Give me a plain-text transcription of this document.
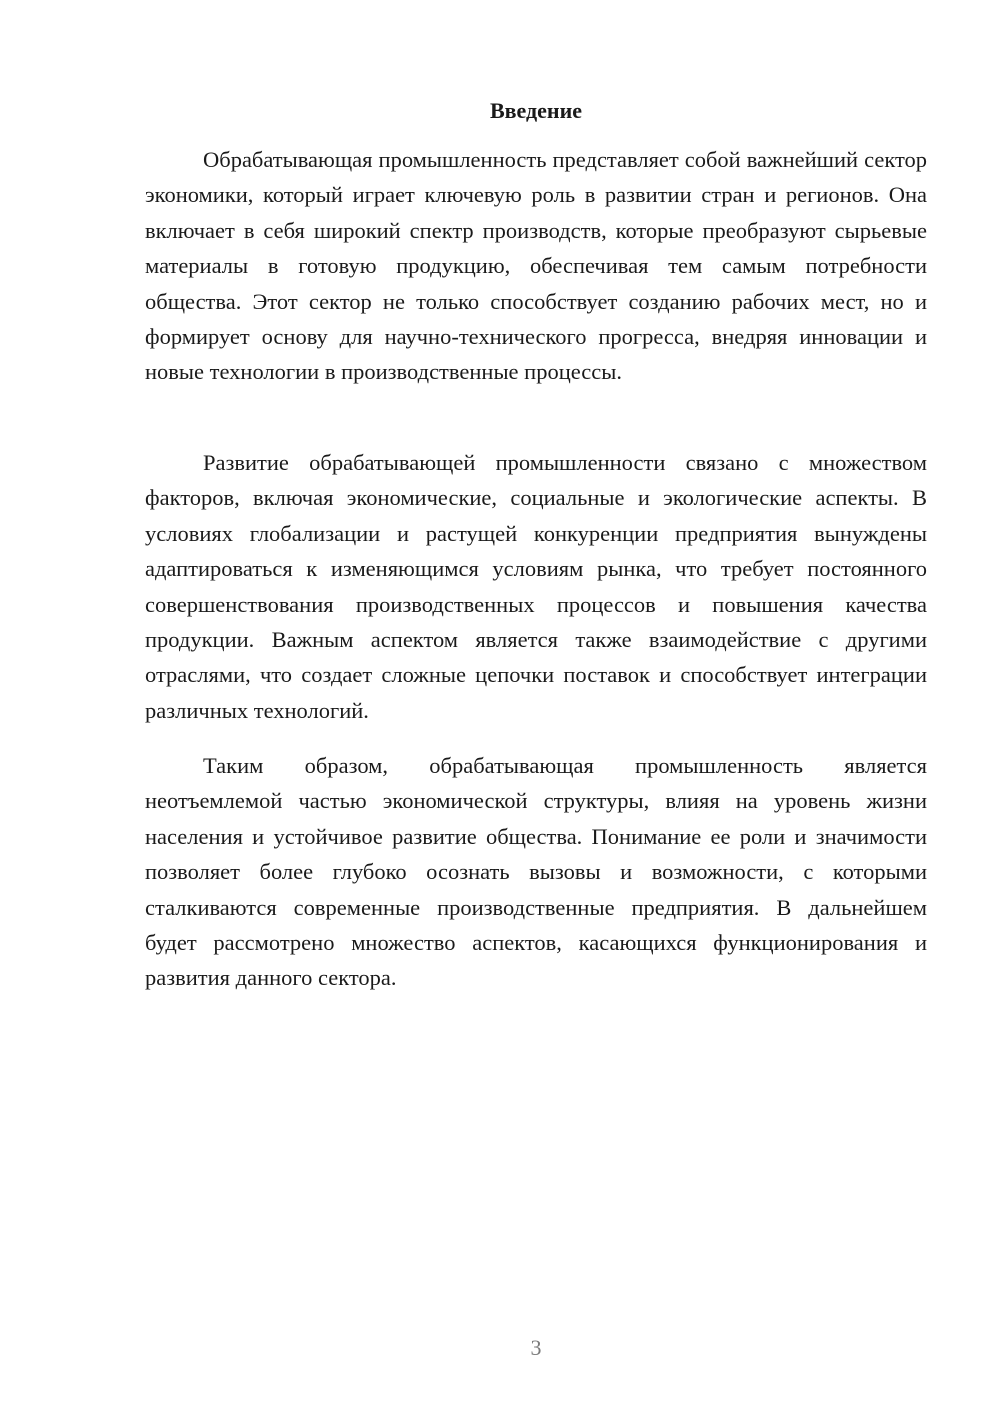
Введение

Обрабатывающая промышленность представляет собой важнейший сектор экономики, который играет ключевую роль в развитии стран и регионов. Она включает в себя широкий спектр производств, которые преобразуют сырьевые материалы в готовую продукцию, обеспечивая тем самым потребности общества. Этот сектор не только способствует созданию рабочих мест, но и формирует основу для научно-технического прогресса, внедряя инновации и новые технологии в производственные процессы.

Развитие обрабатывающей промышленности связано с множеством факторов, включая экономические, социальные и экологические аспекты. В условиях глобализации и растущей конкуренции предприятия вынуждены адаптироваться к изменяющимся условиям рынка, что требует постоянного совершенствования производственных процессов и повышения качества продукции. Важным аспектом является также взаимодействие с другими отраслями, что создает сложные цепочки поставок и способствует интеграции различных технологий.

Таким образом, обрабатывающая промышленность является неотъемлемой частью экономической структуры, влияя на уровень жизни населения и устойчивое развитие общества. Понимание ее роли и значимости позволяет более глубоко осознать вызовы и возможности, с которыми сталкиваются современные производственные предприятия. В дальнейшем будет рассмотрено множество аспектов, касающихся функционирования и развития данного сектора.

3
